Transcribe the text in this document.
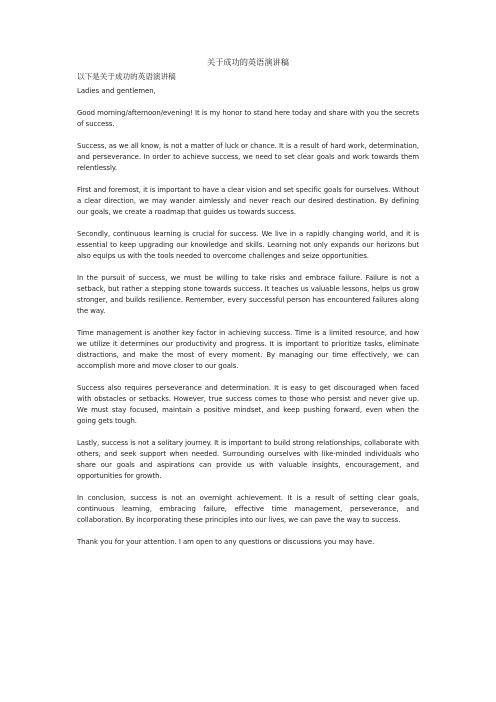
关于成功的英语演讲稿

以下是关于成功的英语演讲稿

Ladies and gentlemen,

Good morning/afternoon/evening! It is my honor to stand here today and share with you the secrets of success.

Success, as we all know, is not a matter of luck or chance. It is a result of hard work, determination, and perseverance. In order to achieve success, we need to set clear goals and work towards them relentlessly.

First and foremost, it is important to have a clear vision and set specific goals for ourselves. Without a clear direction, we may wander aimlessly and never reach our desired destination. By defining our goals, we create a roadmap that guides us towards success.

Secondly, continuous learning is crucial for success. We live in a rapidly changing world, and it is essential to keep upgrading our knowledge and skills. Learning not only expands our horizons but also equips us with the tools needed to overcome challenges and seize opportunities.

In the pursuit of success, we must be willing to take risks and embrace failure. Failure is not a setback, but rather a stepping stone towards success. It teaches us valuable lessons, helps us grow stronger, and builds resilience. Remember, every successful person has encountered failures along the way.

Time management is another key factor in achieving success. Time is a limited resource, and how we utilize it determines our productivity and progress. It is important to prioritize tasks, eliminate distractions, and make the most of every moment. By managing our time effectively, we can accomplish more and move closer to our goals.

Success also requires perseverance and determination. It is easy to get discouraged when faced with obstacles or setbacks. However, true success comes to those who persist and never give up. We must stay focused, maintain a positive mindset, and keep pushing forward, even when the going gets tough.

Lastly, success is not a solitary journey. It is important to build strong relationships, collaborate with others, and seek support when needed. Surrounding ourselves with like-minded individuals who share our goals and aspirations can provide us with valuable insights, encouragement, and opportunities for growth.

In conclusion, success is not an overnight achievement. It is a result of setting clear goals, continuous learning, embracing failure, effective time management, perseverance, and collaboration. By incorporating these principles into our lives, we can pave the way to success.

Thank you for your attention. I am open to any questions or discussions you may have.
